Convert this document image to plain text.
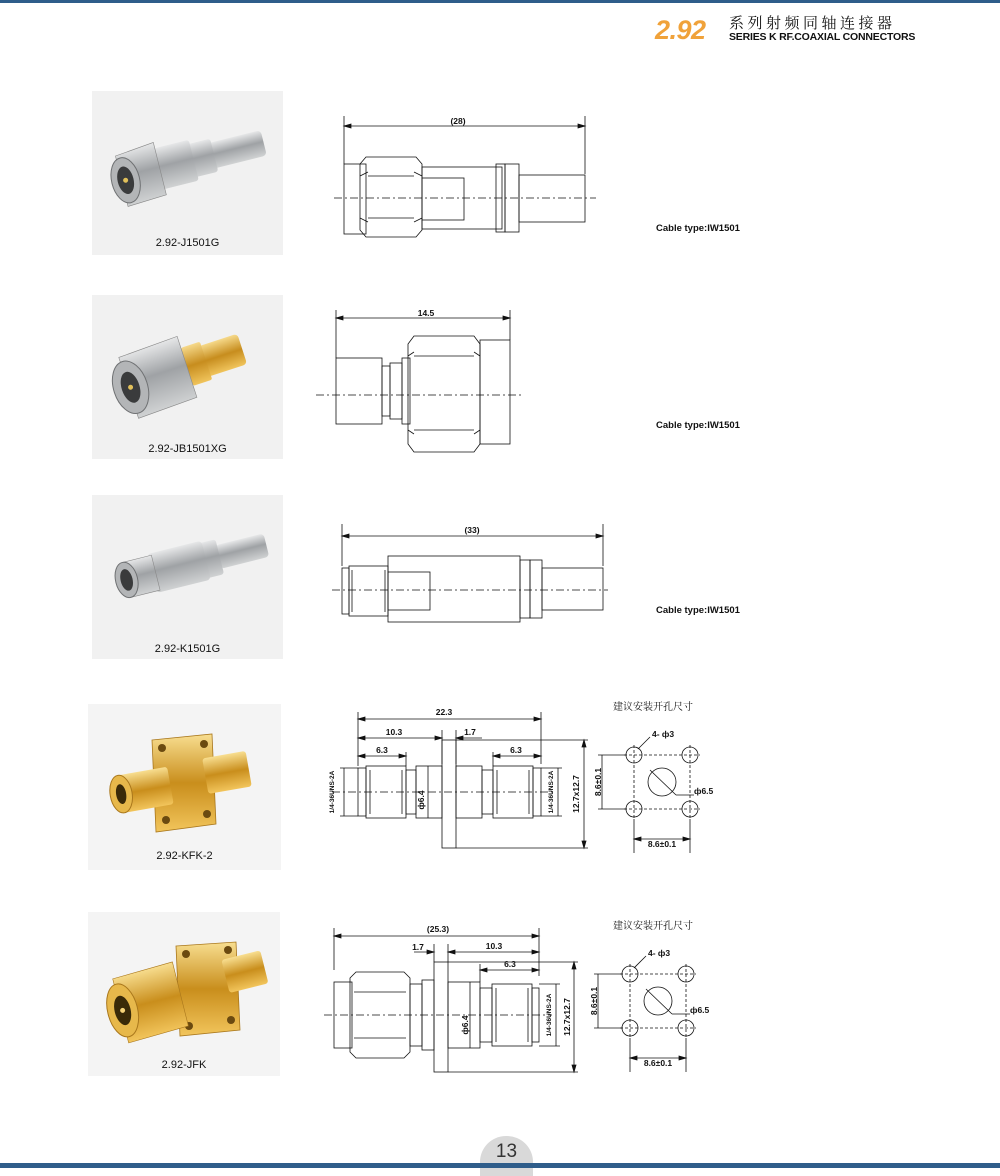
2.92 系列射频同轴连接器
SERIES K RF.COAXIAL CONNECTORS
2.92-J1501G
(28)
Cable type:IW1501
2.92-JB1501XG
14.5
Cable type:IW1501
2.92-K1501G
(33)
Cable type:IW1501
2.92-KFK-2
22.3
10.3	1.7
6.3	6.3
1/4-36UNS-2A	1/4-36UNS-2A
ф6.4	12.7x12.7
建议安装开孔尺寸
4- ф3
ф6.5
8.6±0.1
8.6±0.1
2.92-JFK
(25.3)
1.7	10.3
6.3
ф6.4	1/4-36UNS-2A 12.7x12.7
建议安装开孔尺寸
4- ф3
ф6.5
8.6±0.1
8.6±0.1
13
